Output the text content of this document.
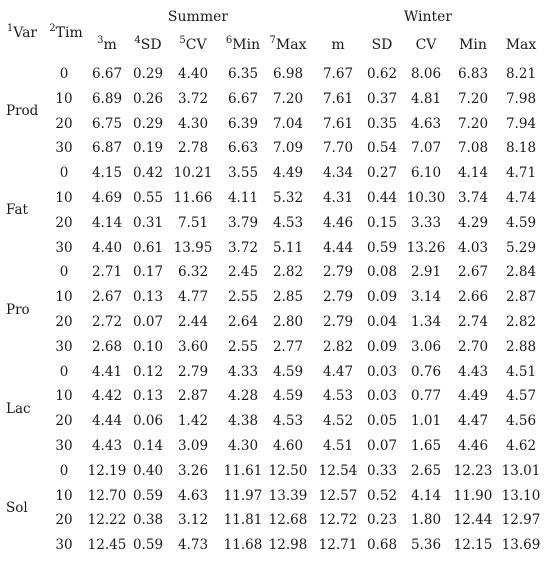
Summer	Winter
$^1$Var $^2$Tim $^3$m $^4$SD $^5$CV $^6$Min $^7$Max m SD CV Min Max
Prod
0 6.67 0.29 4.40 6.35 6.98 7.67 0.62 8.06 6.83 8.21
10 6.89 0.26 3.72 6.67 7.20 7.61 0.37 4.81 7.20 7.98
20 6.75 0.29 4.30 6.39 7.04 7.61 0.35 4.63 7.20 7.94
30 6.87 0.19 2.78 6.63 7.09 7.70 0.54 7.07 7.08 8.18
Fat
0 4.15 0.42 10.21 3.55 4.49 4.34 0.27 6.10 4.14 4.71
10 4.69 0.55 11.66 4.11 5.32 4.31 0.44 10.30 3.74 4.74
20 4.14 0.31 7.51 3.79 4.53 4.46 0.15 3.33 4.29 4.59
30 4.40 0.61 13.95 3.72 5.11 4.44 0.59 13.26 4.03 5.29
Pro
0 2.71 0.17 6.32 2.45 2.82 2.79 0.08 2.91 2.67 2.84
10 2.67 0.13 4.77 2.55 2.85 2.79 0.09 3.14 2.66 2.87
20 2.72 0.07 2.44 2.64 2.80 2.79 0.04 1.34 2.74 2.82
30 2.68 0.10 3.60 2.55 2.77 2.82 0.09 3.06 2.70 2.88
Lac
0 4.41 0.12 2.79 4.33 4.59 4.47 0.03 0.76 4.43 4.51
10 4.42 0.13 2.87 4.28 4.59 4.53 0.03 0.77 4.49 4.57
20 4.44 0.06 1.42 4.38 4.53 4.52 0.05 1.01 4.47 4.56
30 4.43 0.14 3.09 4.30 4.60 4.51 0.07 1.65 4.46 4.62
Sol
0 12.19 0.40 3.26 11.61 12.50 12.54 0.33 2.65 12.23 13.01
10 12.70 0.59 4.63 11.97 13.39 12.57 0.52 4.14 11.90 13.10
20 12.22 0.38 3.12 11.81 12.68 12.72 0.23 1.80 12.44 12.97
30 12.45 0.59 4.73 11.68 12.98 12.71 0.68 5.36 12.15 13.69
